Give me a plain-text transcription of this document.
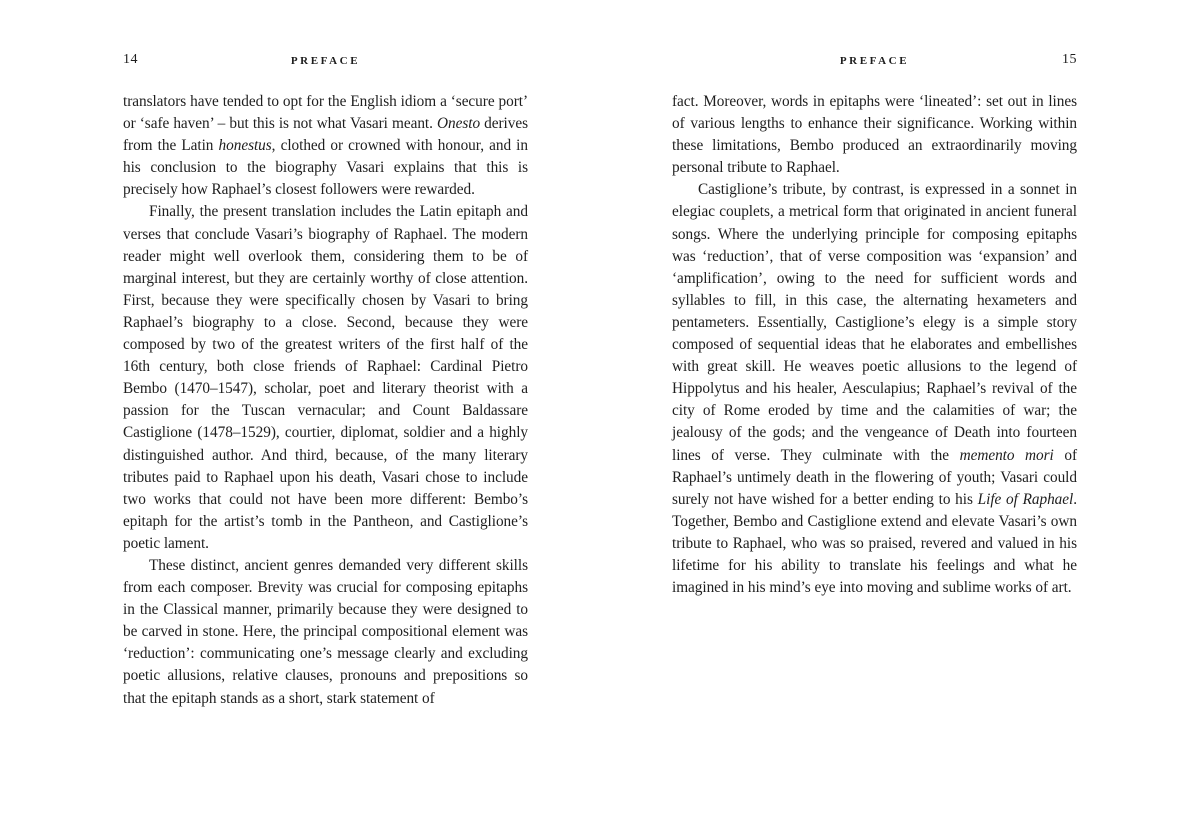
14	PREFACE

translators have tended to opt for the English idiom a ‘secure port’ or ‘safe haven’ – but this is not what Vasari meant. Onesto derives from the Latin honestus, clothed or crowned with honour, and in his conclusion to the biography Vasari explains that this is precisely how Raphael’s closest followers were rewarded.

Finally, the present translation includes the Latin epitaph and verses that conclude Vasari’s biography of Raphael. The modern reader might well overlook them, considering them to be of marginal interest, but they are certainly worthy of close attention. First, because they were specifically chosen by Vasari to bring Raphael’s biography to a close. Second, because they were composed by two of the greatest writers of the first half of the 16th century, both close friends of Raphael: Cardinal Pietro Bembo (1470–1547), scholar, poet and literary theorist with a passion for the Tuscan vernacular; and Count Baldassare Castiglione (1478–1529), courtier, diplomat, soldier and a highly distinguished author. And third, because, of the many literary tributes paid to Raphael upon his death, Vasari chose to include two works that could not have been more different: Bembo’s epitaph for the artist’s tomb in the Pantheon, and Castiglione’s poetic lament.

These distinct, ancient genres demanded very different skills from each composer. Brevity was crucial for composing epitaphs in the Classical manner, primarily because they were designed to be carved in stone. Here, the principal compositional element was ‘reduction’: communicating one’s message clearly and excluding poetic allusions, relative clauses, pronouns and prepositions so that the epitaph stands as a short, stark statement of

PREFACE	15

fact. Moreover, words in epitaphs were ‘lineated’: set out in lines of various lengths to enhance their significance. Working within these limitations, Bembo produced an extraordinarily moving personal tribute to Raphael.

Castiglione’s tribute, by contrast, is expressed in a sonnet in elegiac couplets, a metrical form that originated in ancient funeral songs. Where the underlying principle for composing epitaphs was ‘reduction’, that of verse composition was ‘expansion’ and ‘amplification’, owing to the need for sufficient words and syllables to fill, in this case, the alternating hexameters and pentameters. Essentially, Castiglione’s elegy is a simple story composed of sequential ideas that he elaborates and embellishes with great skill. He weaves poetic allusions to the legend of Hippolytus and his healer, Aesculapius; Raphael’s revival of the city of Rome eroded by time and the calamities of war; the jealousy of the gods; and the vengeance of Death into fourteen lines of verse. They culminate with the memento mori of Raphael’s untimely death in the flowering of youth; Vasari could surely not have wished for a better ending to his Life of Raphael. Together, Bembo and Castiglione extend and elevate Vasari’s own tribute to Raphael, who was so praised, revered and valued in his lifetime for his ability to translate his feelings and what he imagined in his mind’s eye into moving and sublime works of art.
